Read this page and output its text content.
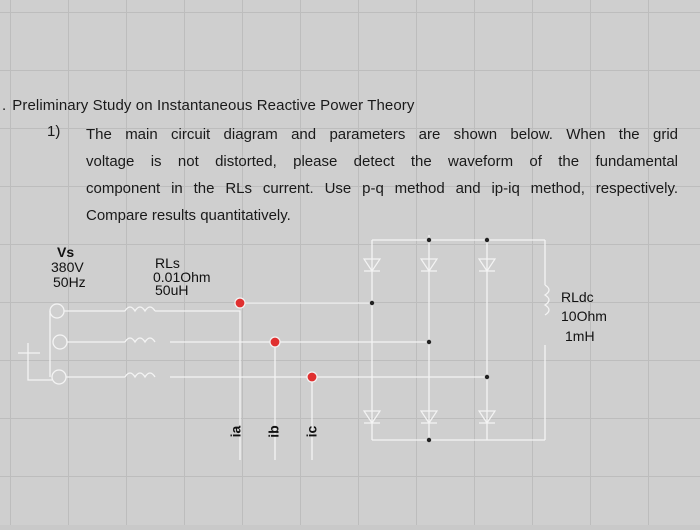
. Preliminary Study on Instantaneous Reactive Power Theory
1) The main circuit diagram and parameters are shown below. When the grid
voltage is not distorted, please detect the waveform of the fundamental
component in the RLs current. Use p-q method and ip-iq method, respectively.
Compare results quantitatively.
Vs
380V
50Hz
RLs
0.01Ohm
50uH	RLdc
10Ohm
1mH
ia ib ic
